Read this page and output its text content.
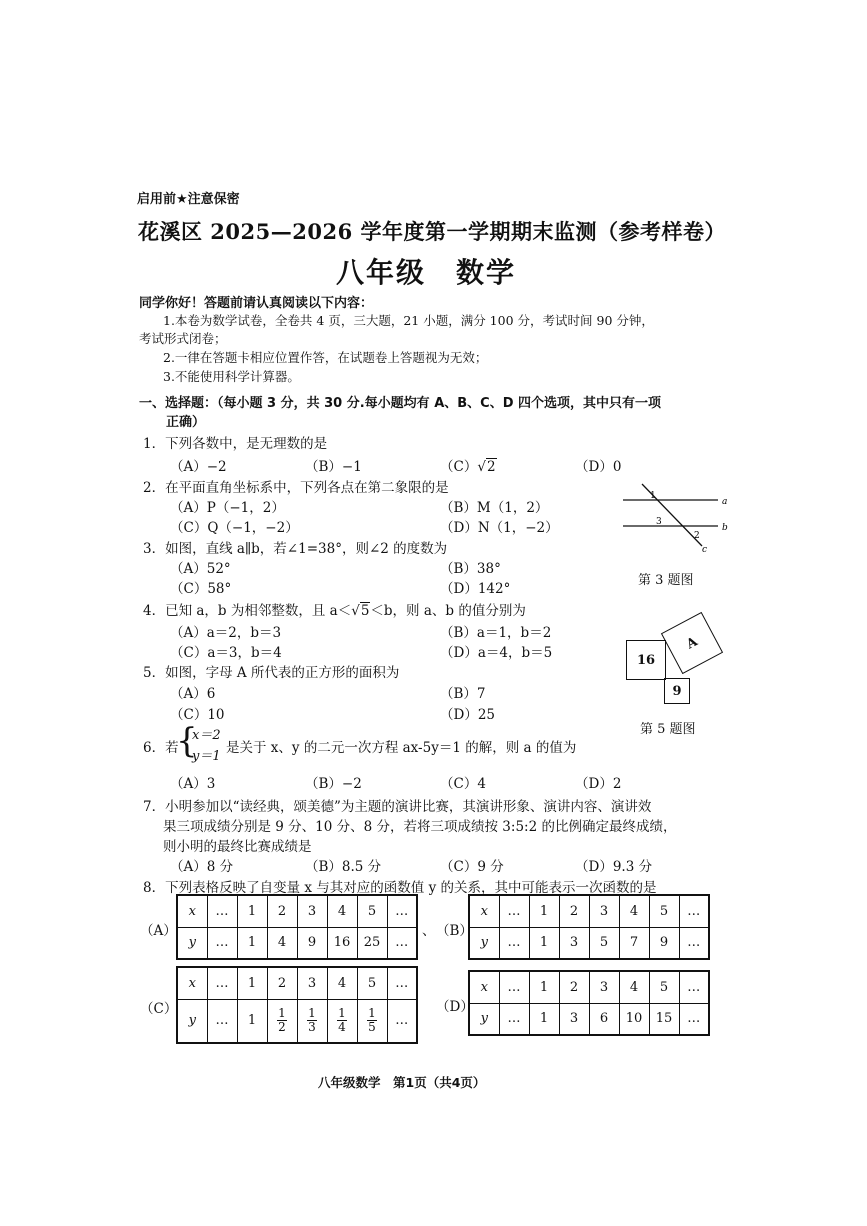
启用前★注意保密
花溪区 2025—2026 学年度第一学期期末监测（参考样卷）
八年级　数学
同学你好！答题前请认真阅读以下内容：
1.本卷为数学试卷，全卷共 4 页，三大题，21 小题，满分 100 分，考试时间 90 分钟，
考试形式闭卷；
2.一律在答题卡相应位置作答，在试题卷上答题视为无效；
3.不能使用科学计算器。
一、选择题：（每小题 3 分，共 30 分.每小题均有 A、B、C、D 四个选项，其中只有一项
正确）
1．下列各数中，是无理数的是
（A）−2	（B）−1	（C）√2	（D）0
2．在平面直角坐标系中，下列各点在第二象限的是
（A）P（−1，2）	（B）M（1，2）
（C）Q（−1，−2）	（D）N（1，−2）
a
b
c
1
3
2
第 3 题图
3．如图，直线 a∥b，若∠1=38°，则∠2 的度数为
（A）52°	（B）38°
（C）58°	（D）142°
4．已知 a，b 为相邻整数，且 a＜√5＜b，则 a、b 的值分别为
（A）a＝2，b＝3	（B）a＝1，b＝2
（C）a＝3，b＝4	（D）a＝4，b＝5	16
A
9
第 5 题图
5．如图，字母 A 所代表的正方形的面积为
（A）6	（B）7
（C）10	（D）25
6．若
{
x＝2
y＝1
是关于 x、y 的二元一次方程 ax-5y＝1 的解，则 a 的值为
（A）3	（B）−2	（C）4	（D）2
7．小明参加以“读经典，颂美德”为主题的演讲比赛，其演讲形象、演讲内容、演讲效
果三项成绩分别是 9 分、10 分、8 分，若将三项成绩按 3:5:2 的比例确定最终成绩，
则小明的最终比赛成绩是
（A）8 分	（B）8.5 分	（C）9 分	（D）9.3 分
8．下列表格反映了自变量 x 与其对应的函数值 y 的关系，其中可能表示一次函数的是
（A）
x	…	1	2	3	4	5	…
y	…	1	4	9	16	25	…
、 （B）
x	…	1	2	3	4	5	…
y	…	1	3	5	7	9	…
（C）
x	…	1	2	3	4	5	…
y	…	1	$\frac{1}{2}$	$\frac{1}{3}$	$\frac{1}{4}$	$\frac{1}{5}$	…
（D）
x	…	1	2	3	4	5	…
y	…	1	3	6	10	15	…
八年级数学　第1页（共4页）
